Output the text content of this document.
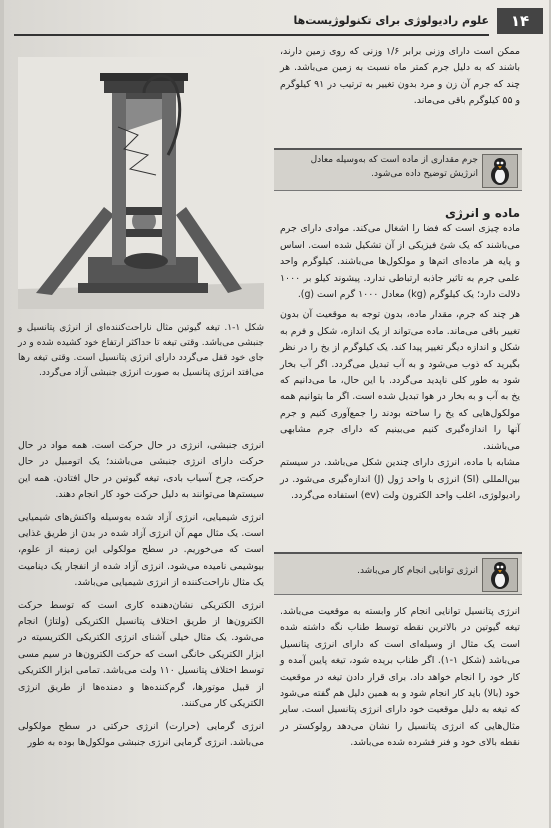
۱۴
علوم رادیولوژی برای تکنولوژیست‌ها

ممکن است دارای وزنی برابر ۱/۶ وزنی که روی زمین دارند، باشند که به دلیل جرم کمتر ماه نسبت به زمین می‌باشد. هر چند که جرم آن زن و مرد بدون تغییر به ترتیب در ۹۱ کیلوگرم و ۵۵ کیلوگرم باقی می‌ماند.

جرم مقداری از ماده است که به‌وسیله معادل انرژیش توضیح داده می‌شود.

ماده و انرژی

ماده چیزی است که فضا را اشغال می‌کند. موادی دارای جرم می‌باشند که یک شئ فیزیکی از آن تشکیل شده است. اساس و پایه هر ماده‌ای اتم‌ها و مولکول‌ها می‌باشند. کیلوگرم واحد علمی جرم به تاثیر جاذبه ارتباطی ندارد. پیشوند کیلو بر ۱۰۰۰ دلالت دارد؛ یک کیلوگرم (kg) معادل ۱۰۰۰ گرم است (g).

هر چند که جرم، مقدار ماده، بدون توجه به موقعیت آن بدون تغییر باقی می‌ماند. ماده می‌تواند از یک اندازه، شکل و فرم به شکل و اندازه دیگر تغییر پیدا کند. یک کیلوگرم از یخ را در نظر بگیرید که ذوب می‌شود و به آب تبدیل می‌گردد. اگر آب بخار شود به طور کلی ناپدید می‌گردد. با این حال، ما می‌دانیم که یخ به آب و به بخار در هوا تبدیل شده است. اگر ما بتوانیم همه مولکول‌هایی که یخ را ساخته بودند را جمع‌آوری کنیم و جرم آنها را اندازه‌گیری کنیم می‌بینیم که دارای جرم مشابهی می‌باشند.

مشابه با ماده، انرژی دارای چندین شکل می‌باشد. در سیستم بین‌المللی (SI) انرژی با واحد ژول (J) اندازه‌گیری می‌شود. در رادیولوژی، اغلب واحد الکترون ولت (ev) استفاده می‌گردد.

انرژی توانایی انجام کار می‌باشد.

انرژی پتانسیل توانایی انجام کار وابسته به موقعیت می‌باشد. تیغه گیوتین در بالاترین نقطه توسط طناب نگه داشته شده است یک مثال از وسیله‌ای است که دارای انرژی پتانسیل می‌باشد (شکل ۱-۱). اگر طناب بریده شود، تیغه پایین آمده و کار خود را انجام خواهد داد. برای قرار دادن تیغه در موقعیت خود (بالا) باید کار انجام شود و به همین دلیل هم گفته می‌شود که تیغه به دلیل موقعیت خود دارای انرژی پتانسیل است. سایر مثال‌هایی که انرژی پتانسیل را نشان می‌دهد رولوکستر در نقطه بالای خود و فنر فشرده شده می‌باشد.

شکل ۱-۱. تیغه گیوتین مثال ناراحت‌کننده‌ای از انرژی پتانسیل و جنبشی می‌باشد. وقتی تیغه تا حداکثر ارتفاع خود کشیده شده و در جای خود قفل می‌گردد دارای انرژی پتانسیل است. وقتی تیغه رها می‌افتد انرژی پتانسیل به صورت انرژی جنبشی آزاد می‌گردد.

انرژی جنبشی، انرژی در حال حرکت است. همه مواد در حال حرکت دارای انرژی جنبشی می‌باشند؛ یک اتومبیل در حال حرکت، چرخ آسیاب بادی، تیغه گیوتین در حال افتادن. همه این سیستم‌ها می‌توانند به دلیل حرکت خود کار انجام دهند.

انرژی شیمیایی، انرژی آزاد شده به‌وسیله واکنش‌های شیمیایی است. یک مثال مهم آن انرژی آزاد شده در بدن از طریق غذایی است که می‌خوریم. در سطح مولکولی این زمینه از علوم، بیوشیمی نامیده می‌شود. انرژی آزاد شده از انفجار یک دینامیت یک مثال ناراحت‌کننده از انرژی شیمیایی می‌باشد.

انرژی الکتریکی نشان‌دهنده کاری است که توسط حرکت الکترون‌ها از طریق اختلاف پتانسیل الکتریکی (ولتاژ) انجام می‌شود. یک مثال خیلی آشنای انرژی الکتریکی الکتریسیته در ابزار الکتریکی خانگی است که حرکت الکترون‌ها در سیم مسی توسط اختلاف پتانسیل ۱۱۰ ولت می‌باشد. تمامی ابزار الکتریکی از قبیل موتورها، گرم‌کننده‌ها و دمنده‌ها از طریق انرژی الکتریکی کار می‌کنند.

انرژی گرمایی (حرارت) انرژی حرکتی در سطح مولکولی می‌باشد. انرژی گرمایی انرژی جنبشی مولکول‌ها بوده به طور
